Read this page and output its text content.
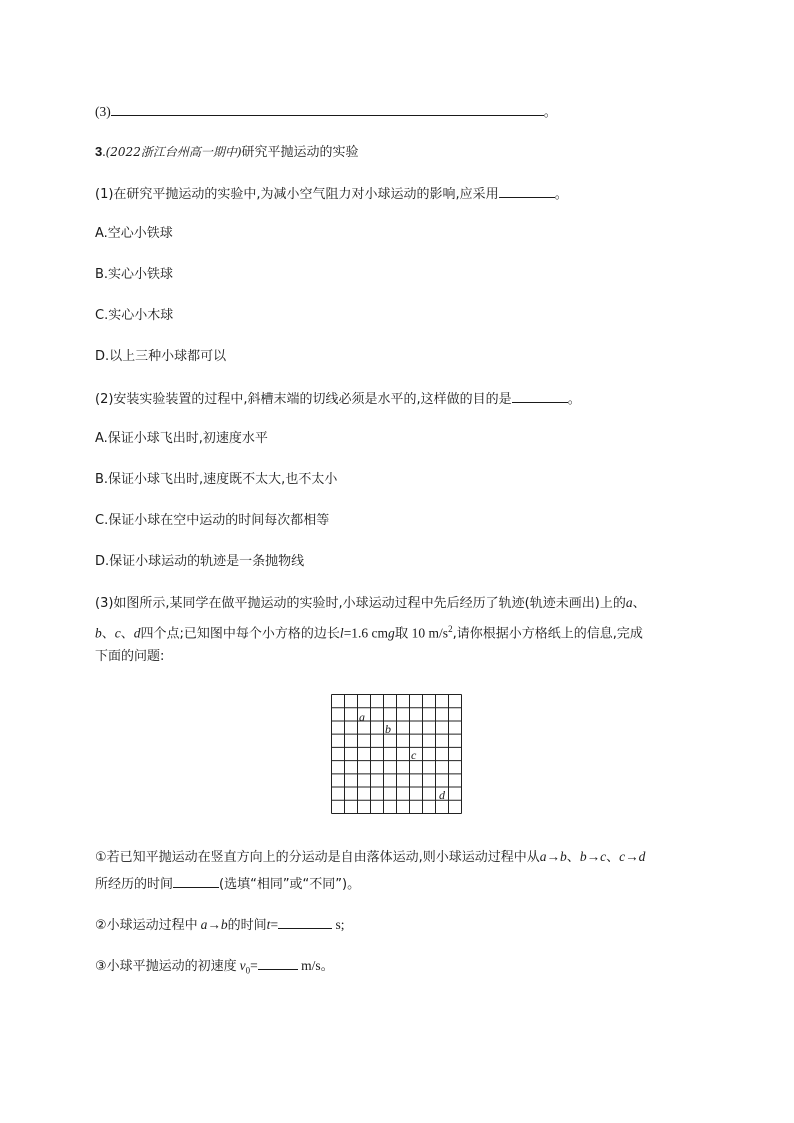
(3)	。
3.(2022浙江台州高一期中)研究平抛运动的实验
(1)在研究平抛运动的实验中,为减小空气阻力对小球运动的影响,应采用	。
A.空心小铁球
B.实心小铁球
C.实心小木球
D.以上三种小球都可以
(2)安装实验装置的过程中,斜槽末端的切线必须是水平的,这样做的目的是	。
A.保证小球飞出时,初速度水平
B.保证小球飞出时,速度既不太大,也不太小
C.保证小球在空中运动的时间每次都相等
D.保证小球运动的轨迹是一条抛物线
(3)如图所示,某同学在做平抛运动的实验时,小球运动过程中先后经历了轨迹(轨迹未画出)上的a、
b、c、d四个点;已知图中每个小方格的边长l=1.6 cmg取 10 $m/s^2$,请你根据小方格纸上的信息,完成
下面的问题:
a
b
c
d
①若已知平抛运动在竖直方向上的分运动是自由落体运动,则小球运动过程中从a→b、b→c、c→d
所经历的时间	(选填“相同”或“不同”)。
②小球运动过程中 a→b的时间t=	s;
③小球平抛运动的初速度 $v_0=$	m/s。
